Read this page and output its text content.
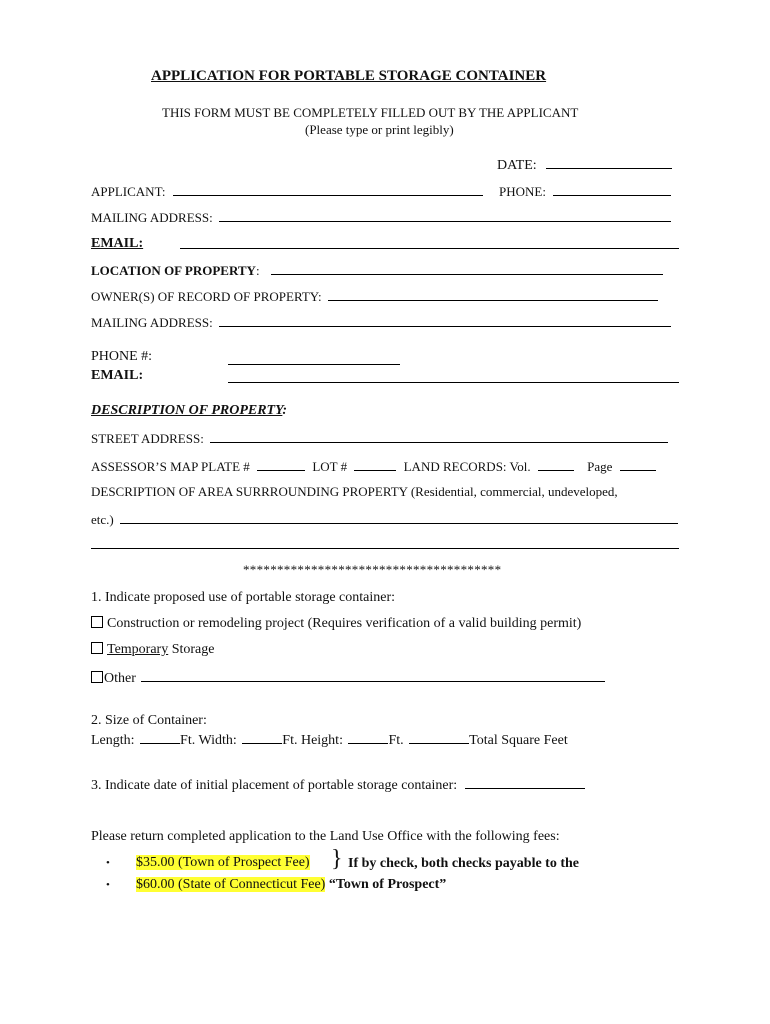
APPLICATION FOR PORTABLE STORAGE CONTAINER
THIS FORM MUST BE COMPLETELY FILLED OUT BY THE APPLICANT
(Please type or print legibly)
DATE:
APPLICANT:	PHONE:
MAILING ADDRESS:
EMAIL:
LOCATION OF PROPERTY:
OWNER(S) OF RECORD OF PROPERTY:
MAILING ADDRESS:
PHONE #:
EMAIL:
DESCRIPTION OF PROPERTY:
STREET ADDRESS:
ASSESSOR’S MAP PLATE #	LOT #	LAND RECORDS: Vol.	Page
DESCRIPTION OF AREA SURRROUNDING PROPERTY (Residential, commercial, undeveloped,
etc.)
**************************************
1. Indicate proposed use of portable storage container:
Construction or remodeling project (Requires verification of a valid building permit)
Temporary Storage
Other
2. Size of Container:
Length:	Ft. Width:	Ft. Height:	Ft.	Total Square Feet
3. Indicate date of initial placement of portable storage container:
Please return completed application to the Land Use Office with the following fees:
• $35.00 (Town of Prospect Fee) } If by check, both checks payable to the
• $60.00 (State of Connecticut Fee) “Town of Prospect”
